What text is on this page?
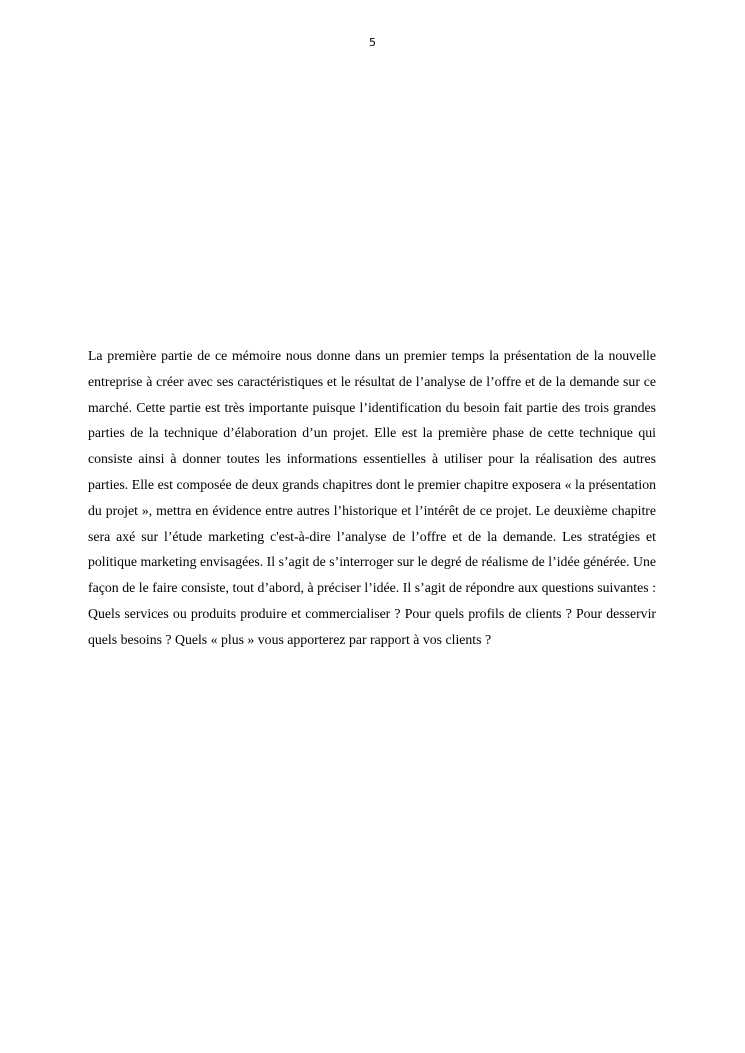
5

La première partie de ce mémoire nous donne dans un premier temps la présentation de la nouvelle entreprise à créer avec ses caractéristiques et le résultat de l’analyse de l’offre et de la demande sur ce marché. Cette partie est très importante puisque l’identification du besoin fait partie des trois grandes parties de la technique d’élaboration d’un projet. Elle est la première phase de cette technique qui consiste ainsi à donner toutes les informations essentielles à utiliser pour la réalisation des autres parties. Elle est composée de deux grands chapitres dont le premier chapitre exposera « la présentation du projet », mettra en évidence entre autres l’historique et l’intérêt de ce projet. Le deuxième chapitre sera axé sur l’étude marketing c'est-à-dire l’analyse de l’offre et de la demande. Les stratégies et politique marketing envisagées. Il s’agit de s’interroger sur le degré de réalisme de l’idée générée. Une façon de le faire consiste, tout d’abord, à préciser l’idée. Il s’agit de répondre aux questions suivantes : Quels services ou produits produire et commercialiser ? Pour quels profils de clients ? Pour desservir quels besoins ? Quels « plus » vous apporterez par rapport à vos clients ?
